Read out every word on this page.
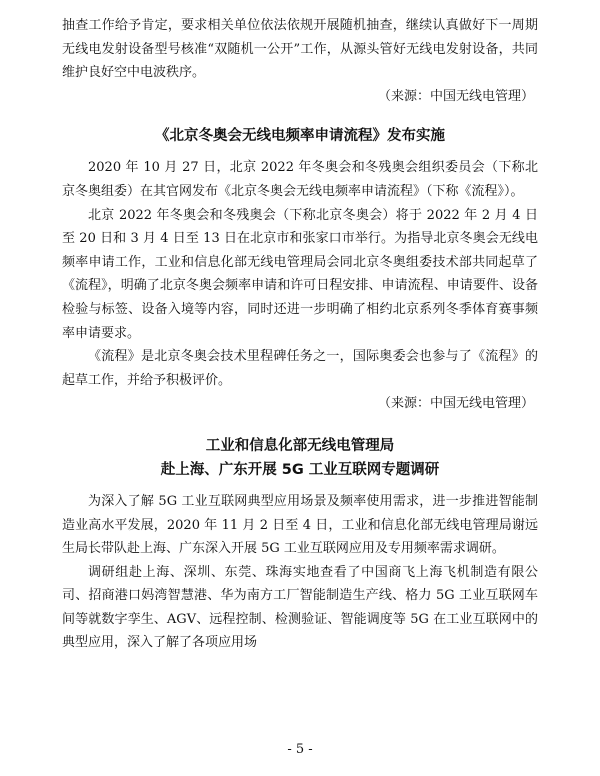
抽查工作给予肯定，要求相关单位依法依规开展随机抽查，继续认真做好下一周期无线电发射设备型号核准“双随机一公开”工作，从源头管好无线电发射设备，共同维护良好空中电波秩序。

（来源：中国无线电管理）

《北京冬奥会无线电频率申请流程》发布实施

2020 年 10 月 27 日，北京 2022 年冬奥会和冬残奥会组织委员会（下称北京冬奥组委）在其官网发布《北京冬奥会无线电频率申请流程》（下称《流程》）。

北京 2022 年冬奥会和冬残奥会（下称北京冬奥会）将于 2022 年 2 月 4 日至 20 日和 3 月 4 日至 13 日在北京市和张家口市举行。为指导北京冬奥会无线电频率申请工作，工业和信息化部无线电管理局会同北京冬奥组委技术部共同起草了《流程》，明确了北京冬奥会频率申请和许可日程安排、申请流程、申请要件、设备检验与标签、设备入境等内容，同时还进一步明确了相约北京系列冬季体育赛事频率申请要求。

《流程》是北京冬奥会技术里程碑任务之一，国际奥委会也参与了《流程》的起草工作，并给予积极评价。

（来源：中国无线电管理）

工业和信息化部无线电管理局
赴上海、广东开展 5G 工业互联网专题调研

为深入了解 5G 工业互联网典型应用场景及频率使用需求，进一步推进智能制造业高水平发展，2020 年 11 月 2 日至 4 日，工业和信息化部无线电管理局谢远生局长带队赴上海、广东深入开展 5G 工业互联网应用及专用频率需求调研。

调研组赴上海、深圳、东莞、珠海实地查看了中国商飞上海飞机制造有限公司、招商港口妈湾智慧港、华为南方工厂智能制造生产线、格力 5G 工业互联网车间等就数字孪生、AGV、远程控制、检测验证、智能调度等 5G 在工业互联网中的典型应用，深入了解了各项应用场

- 5 -
